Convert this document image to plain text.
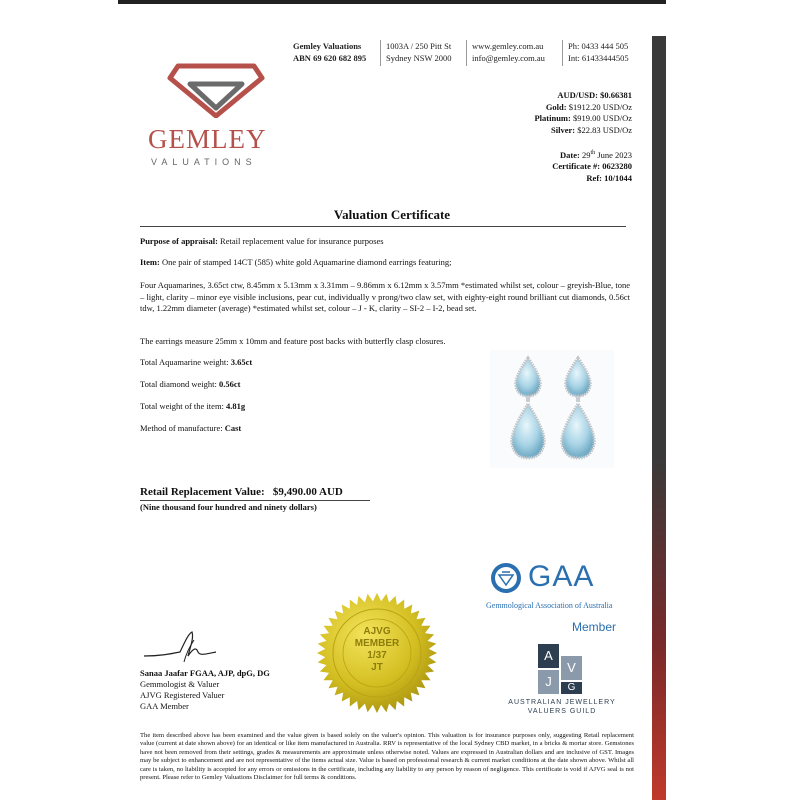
Gemley Valuations
ABN 69 620 682 895
1003A / 250 Pitt St
Sydney NSW 2000
www.gemley.com.au
info@gemley.com.au
Ph: 0433 444 505
Int: 61433444505
GEMLEY
VALUATIONS
AUD/USD: $0.66381
Gold: $1912.20 USD/Oz
Platinum: $919.00 USD/Oz
Silver: $22.83 USD/Oz
Date: 29th June 2023
Certificate #: 0623280
Ref: 10/1044
Valuation Certificate
Purpose of appraisal: Retail replacement value for insurance purposes
Item: One pair of stamped 14CT (585) white gold Aquamarine diamond earrings featuring;
Four Aquamarines, 3.65ct ctw, 8.45mm x 5.13mm x 3.31mm – 9.86mm x 6.12mm x 3.57mm *estimated whilst set, colour – greyish-Blue, tone – light, clarity – minor eye visible inclusions, pear cut, individually v prong/two claw set, with eighty-eight round brilliant cut diamonds, 0.56ct tdw, 1.22mm diameter (average) *estimated whilst set, colour – J - K, clarity – SI-2 – I-2, bead set.
The earrings measure 25mm x 10mm and feature post backs with butterfly clasp closures.
Total Aquamarine weight: 3.65ct
Total diamond weight: 0.56ct
Total weight of the item: 4.81g
Method of manufacture: Cast
Retail Replacement Value: $9,490.00 AUD
(Nine thousand four hundred and ninety dollars)
GAA
Gemmological Association of Australia
Member
A
V
J	G
AUSTRALIAN JEWELLERY
VALUERS GUILD
AJVG
MEMBER
1/37
JT
Sanaa Jaafar FGAA, AJP, dpG, DG
Gemmologist & Valuer
AJVG Registered Valuer
GAA Member
The item described above has been examined and the value given is based solely on the valuer's opinion. This valuation is for insurance purposes only, suggesting Retail replacement value (current at date shown above) for an identical or like item manufactured in Australia. RRV is representative of the local Sydney CBD market, in a bricks & mortar store. Gemstones have not been removed from their settings, grades & measurements are approximate unless otherwise noted. Values are expressed in Australian dollars and are inclusive of GST. Images may be subject to enhancement and are not representative of the items actual size. Value is based on professional research & current market conditions at the date shown above. Whilst all care is taken, no liability is accepted for any errors or omissions in the certificate, including any liability to any person by reason of negligence. This certificate is void if AJVG seal is not present. Please refer to Gemley Valuations Disclaimer for full terms & conditions.
